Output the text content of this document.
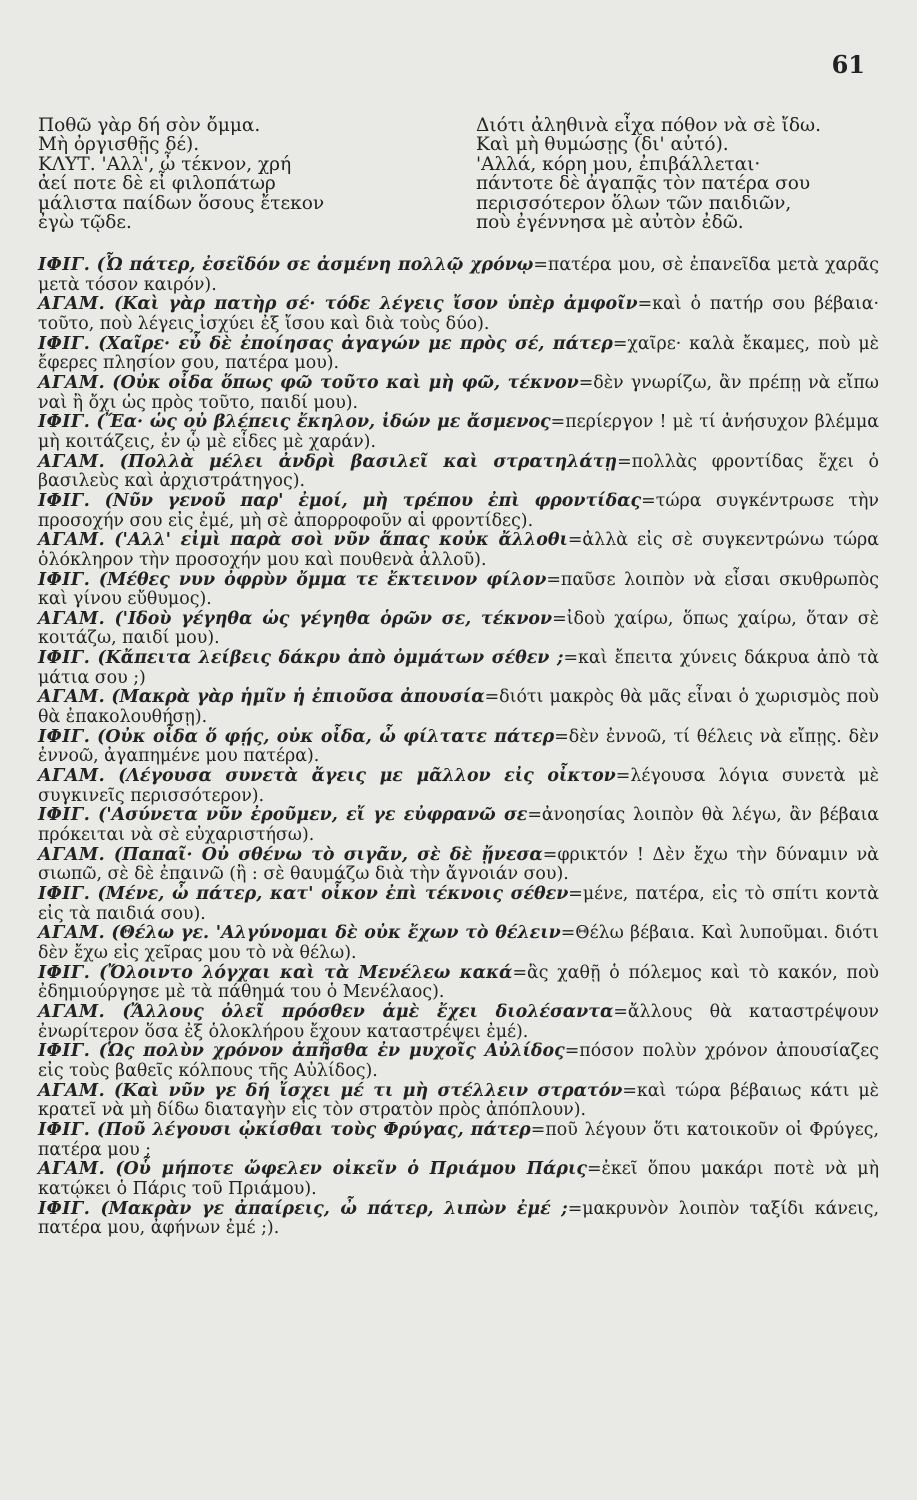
61
Ποθῶ γὰρ δή σὸν ὄμμα.	Διότι ἀληθινὰ εἶχα πόθον νὰ σὲ ἴδω.
Μὴ ὀργισθῇς δέ).	Καὶ μὴ θυμώσῃς (δι' αὐτό).
ΚΛΥΤ. 'Αλλ', ὦ τέκνον, χρή	'Αλλά, κόρη μου, ἐπιβάλλεται·
ἀεί ποτε δὲ εἶ φιλοπάτωρ	πάντοτε δὲ ἀγαπᾷς τὸν πατέρα σου
μάλιστα παίδων ὅσους ἔτεκον	περισσότερον ὅλων τῶν παιδιῶν,
ἐγὼ τῷδε.	ποὺ ἐγέννησα μὲ αὐτὸν ἐδῶ.

ΙΦΙΓ. (Ὦ πάτερ, ἐσεῖδόν σε ἀσμένη πολλῷ χρόνῳ=πατέρα μου, σὲ ἐπανεῖδα μετὰ χαρᾶς μετὰ τόσον καιρόν).

ΑΓΑΜ. (Καὶ γὰρ πατὴρ σέ· τόδε λέγεις ἴσον ὑπὲρ ἀμφοῖν=καὶ ὁ πατήρ σου βέβαια· τοῦτο, ποὺ λέγεις ἰσχύει ἐξ ἴσου καὶ διὰ τοὺς δύο).

ΙΦΙΓ. (Χαῖρε· εὖ δὲ ἐποίησας ἀγαγών με πρὸς σέ, πάτερ=χαῖρε· καλὰ ἔκαμες, ποὺ μὲ ἔφερες πλησίον σου, πατέρα μου).

ΑΓΑΜ. (Οὐκ οἶδα ὅπως φῶ τοῦτο καὶ μὴ φῶ, τέκνον=δὲν γνωρίζω, ἂν πρέπῃ νὰ εἴπω ναὶ ἢ ὄχι ὡς πρὸς τοῦτο, παιδί μου).

ΙΦΙΓ. (Ἔα· ὡς οὐ βλέπεις ἔκηλον, ἰδών με ἄσμενος=περίεργον ! μὲ τί ἀνήσυχον βλέμμα μὴ κοιτάζεις, ἐν ᾧ μὲ εἶδες μὲ χαράν).

ΑΓΑΜ. (Πολλὰ μέλει ἀνδρὶ βασιλεῖ καὶ στρατηλάτῃ=πολλὰς φροντίδας ἔχει ὁ βασιλεὺς καὶ ἀρχιστράτηγος).

ΙΦΙΓ. (Νῦν γενοῦ παρ' ἐμοί, μὴ τρέπου ἐπὶ φροντίδας=τώρα συγκέντρωσε τὴν προσοχήν σου εἰς ἐμέ, μὴ σὲ ἀπορροφοῦν αἱ φροντίδες).

ΑΓΑΜ. ('Αλλ' εἰμὶ παρὰ σοὶ νῦν ἅπας κοὐκ ἄλλοθι=ἀλλὰ εἰς σὲ συγκεντρώνω τώρα ὁλόκληρον τὴν προσοχήν μου καὶ πουθενὰ ἀλλοῦ).

ΙΦΙΓ. (Μέθες νυν ὀφρὺν ὄμμα τε ἔκτεινον φίλον=παῦσε λοιπὸν νὰ εἶσαι σκυθρωπὸς καὶ γίνου εὔθυμος).

ΑΓΑΜ. ('Ιδοὺ γέγηθα ὡς γέγηθα ὁρῶν σε, τέκνον=ἰδοὺ χαίρω, ὅπως χαίρω, ὅταν σὲ κοιτάζω, παιδί μου).

ΙΦΙΓ. (Κἄπειτα λείβεις δάκρυ ἀπὸ ὀμμάτων σέθεν ;=καὶ ἔπειτα χύνεις δάκρυα ἀπὸ τὰ μάτια σου ;)

ΑΓΑΜ. (Μακρὰ γὰρ ἡμῖν ἡ ἐπιοῦσα ἀπουσία=διότι μακρὸς θὰ μᾶς εἶναι ὁ χωρισμὸς ποὺ θὰ ἐπακολουθήσῃ).

ΙΦΙΓ. (Οὐκ οἶδα ὅ φῄς, οὐκ οἶδα, ὦ φίλτατε πάτερ=δὲν ἐννοῶ, τί θέλεις νὰ εἴπῃς. δὲν ἐννοῶ, ἀγαπημένε μου πατέρα).

ΑΓΑΜ. (Λέγουσα συνετὰ ἄγεις με μᾶλλον εἰς οἶκτον=λέγουσα λόγια συνετὰ μὲ συγκινεῖς περισσότερον).

ΙΦΙΓ. ('Ασύνετα νῦν ἐροῦμεν, εἴ γε εὐφρανῶ σε=ἀνοησίας λοιπὸν θὰ λέγω, ἂν βέβαια πρόκειται νὰ σὲ εὐχαριστήσω).

ΑΓΑΜ. (Παπαῖ· Οὐ σθένω τὸ σιγᾶν, σὲ δὲ ᾔνεσα=φρικτόν ! Δὲν ἔχω τὴν δύναμιν νὰ σιωπῶ, σὲ δὲ ἐπαινῶ (ἢ : σὲ θαυμάζω διὰ τὴν ἄγνοιάν σου).

ΙΦΙΓ. (Μένε, ὦ πάτερ, κατ' οἶκον ἐπὶ τέκνοις σέθεν=μένε, πατέρα, εἰς τὸ σπίτι κοντὰ εἰς τὰ παιδιά σου).

ΑΓΑΜ. (Θέλω γε. 'Αλγύνομαι δὲ οὐκ ἔχων τὸ θέλειν=Θέλω βέβαια. Καὶ λυποῦμαι. διότι δὲν ἔχω εἰς χεῖρας μου τὸ νὰ θέλω).

ΙΦΙΓ. (Ὄλοιντο λόγχαι καὶ τὰ Μενέλεω κακά=ἂς χαθῇ ὁ πόλεμος καὶ τὸ κακόν, ποὺ ἐδημιούργησε μὲ τὰ πάθημά του ὁ Μενέλαος).

ΑΓΑΜ. (Ἄλλους ὀλεῖ πρόσθεν ἁμὲ ἔχει διολέσαντα=ἄλλους θὰ καταστρέψουν ἐνωρίτερον ὅσα ἐξ ὁλοκλήρου ἔχουν καταστρέψει ἐμέ).

ΙΦΙΓ. (Ὡς πολὺν χρόνον ἀπῆσθα ἐν μυχοῖς Αὐλίδος=πόσον πολὺν χρόνον ἀπουσίαζες εἰς τοὺς βαθεῖς κόλπους τῆς Αὐλίδος).

ΑΓΑΜ. (Καὶ νῦν γε δή ἴσχει μέ τι μὴ στέλλειν στρατόν=καὶ τώρα βέβαιως κάτι μὲ κρατεῖ νὰ μὴ δίδω διαταγὴν εἰς τὸν στρατὸν πρὸς ἀπόπλουν).

ΙΦΙΓ. (Ποῦ λέγουσι ᾠκίσθαι τοὺς Φρύγας, πάτερ=ποῦ λέγουν ὅτι κατοικοῦν οἱ Φρύγες, πατέρα μου ;

ΑΓΑΜ. (Οὗ μήποτε ὤφελεν οἰκεῖν ὁ Πριάμου Πάρις=ἐκεῖ ὅπου μακάρι ποτὲ νὰ μὴ κατῴκει ὁ Πάρις τοῦ Πριάμου).

ΙΦΙΓ. (Μακρὰν γε ἀπαίρεις, ὦ πάτερ, λιπὼν ἐμέ ;=μακρυνὸν λοιπὸν ταξίδι κάνεις, πατέρα μου, ἀφήνων ἐμέ ;).
